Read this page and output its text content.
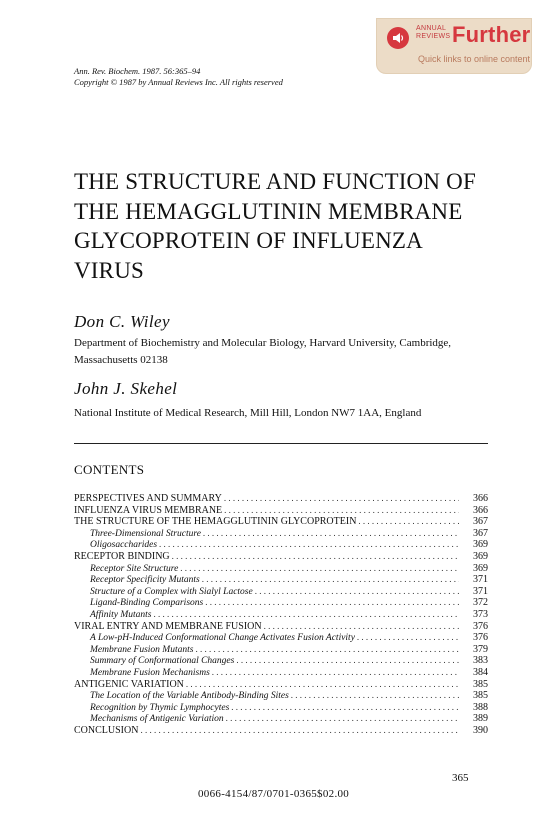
ANNUAL
REVIEWS Further
Quick links to online content
Ann. Rev. Biochem. 1987. 56:365–94
Copyright © 1987 by Annual Reviews Inc. All rights reserved
THE STRUCTURE AND FUNCTION OF THE HEMAGGLUTININ MEMBRANE GLYCOPROTEIN OF INFLUENZA VIRUS
Don C. Wiley
Department of Biochemistry and Molecular Biology, Harvard University, Cambridge, Massachusetts 02138
John J. Skehel
National Institute of Medical Research, Mill Hill, London NW7 1AA, England
CONTENTS
PERSPECTIVES AND SUMMARY . . .	366
INFLUENZA VIRUS MEMBRANE . . .	366
THE STRUCTURE OF THE HEMAGGLUTININ GLYCOPROTEIN . . .	367
Three-Dimensional Structure . . .	367
Oligosaccharides . . .	369
RECEPTOR BINDING . . .	369
Receptor Site Structure . . .	369
Receptor Specificity Mutants . . .	371
Structure of a Complex with Sialyl Lactose . . .	371
Ligand-Binding Comparisons . . .	372
Affinity Mutants . . .	373
VIRAL ENTRY AND MEMBRANE FUSION . . .	376
A Low-pH-Induced Conformational Change Activates Fusion Activity . . .	376
Membrane Fusion Mutants . . .	379
Summary of Conformational Changes . . .	383
Membrane Fusion Mechanisms . . .	384
ANTIGENIC VARIATION . . .	385
The Location of the Variable Antibody-Binding Sites . . .	385
Recognition by Thymic Lymphocytes . . .	388
Mechanisms of Antigenic Variation . . .	389
CONCLUSION . . .	390
365
0066-4154/87/0701-0365$02.00
